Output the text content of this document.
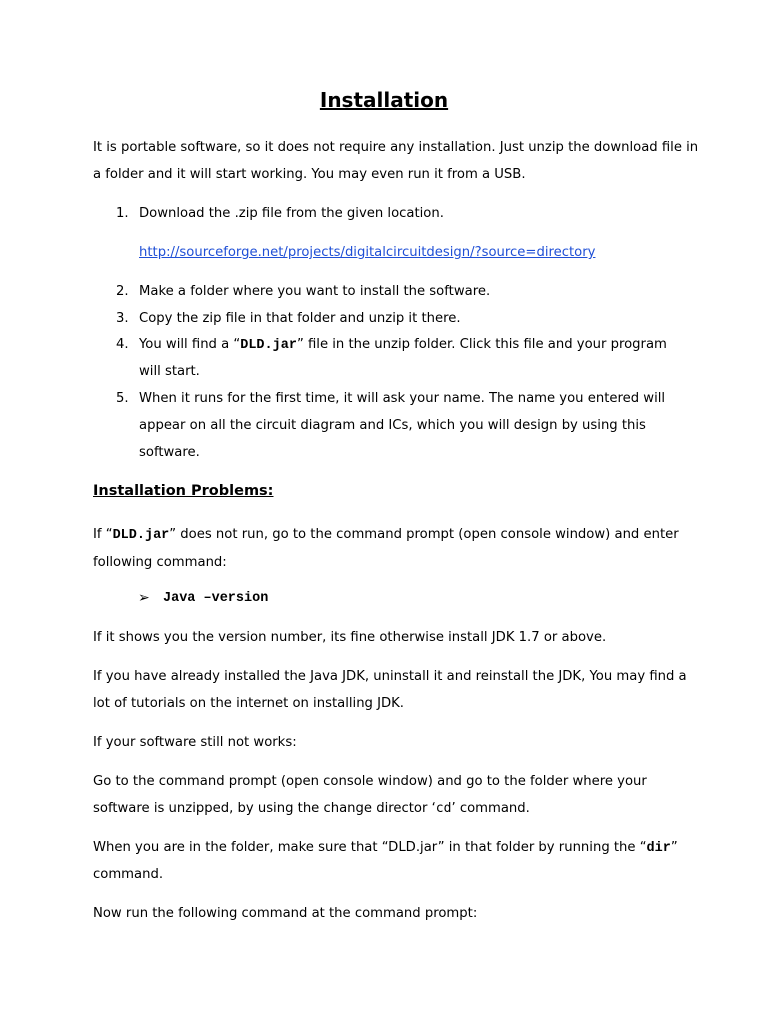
Installation
It is portable software, so it does not require any installation. Just unzip the download file in
a folder and it will start working. You may even run it from a USB.
1. Download the .zip file from the given location.
http://sourceforge.net/projects/digitalcircuitdesign/?source=directory
2. Make a folder where you want to install the software.
3. Copy the zip file in that folder and unzip it there.
4. You will find a “DLD.jar” file in the unzip folder. Click this file and your program
will start.
5. When it runs for the first time, it will ask your name. The name you entered will
appear on all the circuit diagram and ICs, which you will design by using this
software.
Installation Problems:
If “DLD.jar” does not run, go to the command prompt (open console window) and enter
following command:
➢ Java –version
If it shows you the version number, its fine otherwise install JDK 1.7 or above.
If you have already installed the Java JDK, uninstall it and reinstall the JDK, You may find a
lot of tutorials on the internet on installing JDK.
If your software still not works:
Go to the command prompt (open console window) and go to the folder where your
software is unzipped, by using the change director ‘cd’ command.
When you are in the folder, make sure that “DLD.jar” in that folder by running the “dir”
command.
Now run the following command at the command prompt:
